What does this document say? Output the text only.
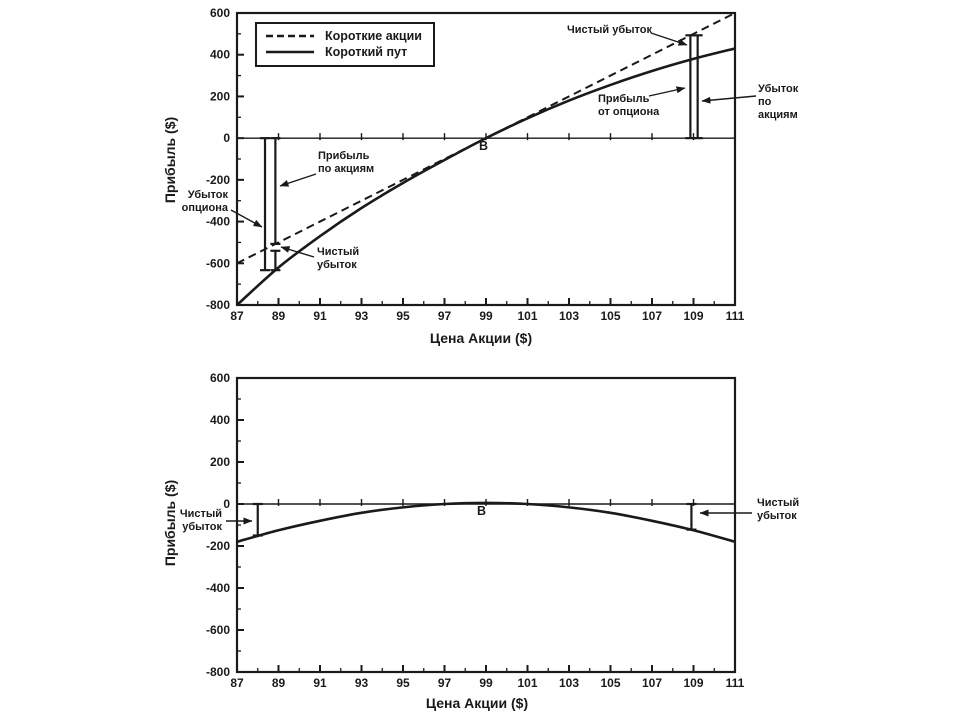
600
400
200
0
-200
-400
-600
-800
87 89 91 93 95 97 99 101 103 105 107 109 111
600
400
200
0
-200
-400
-600
-800
87 89 91 93 95 97 99 101 103 105 107 109 111
Короткие акции
Короткий пут
Прибыль ($)
Цена Акции ($)
Прибыль ($)
Цена Акции ($)
Чистый убыток
Прибыль
от опциона
Убыток
по
акциям
Прибыль
по акциям
Убыток
опциона
Чистый
убыток
B
Чистый
убыток
Чистый
убыток
B
